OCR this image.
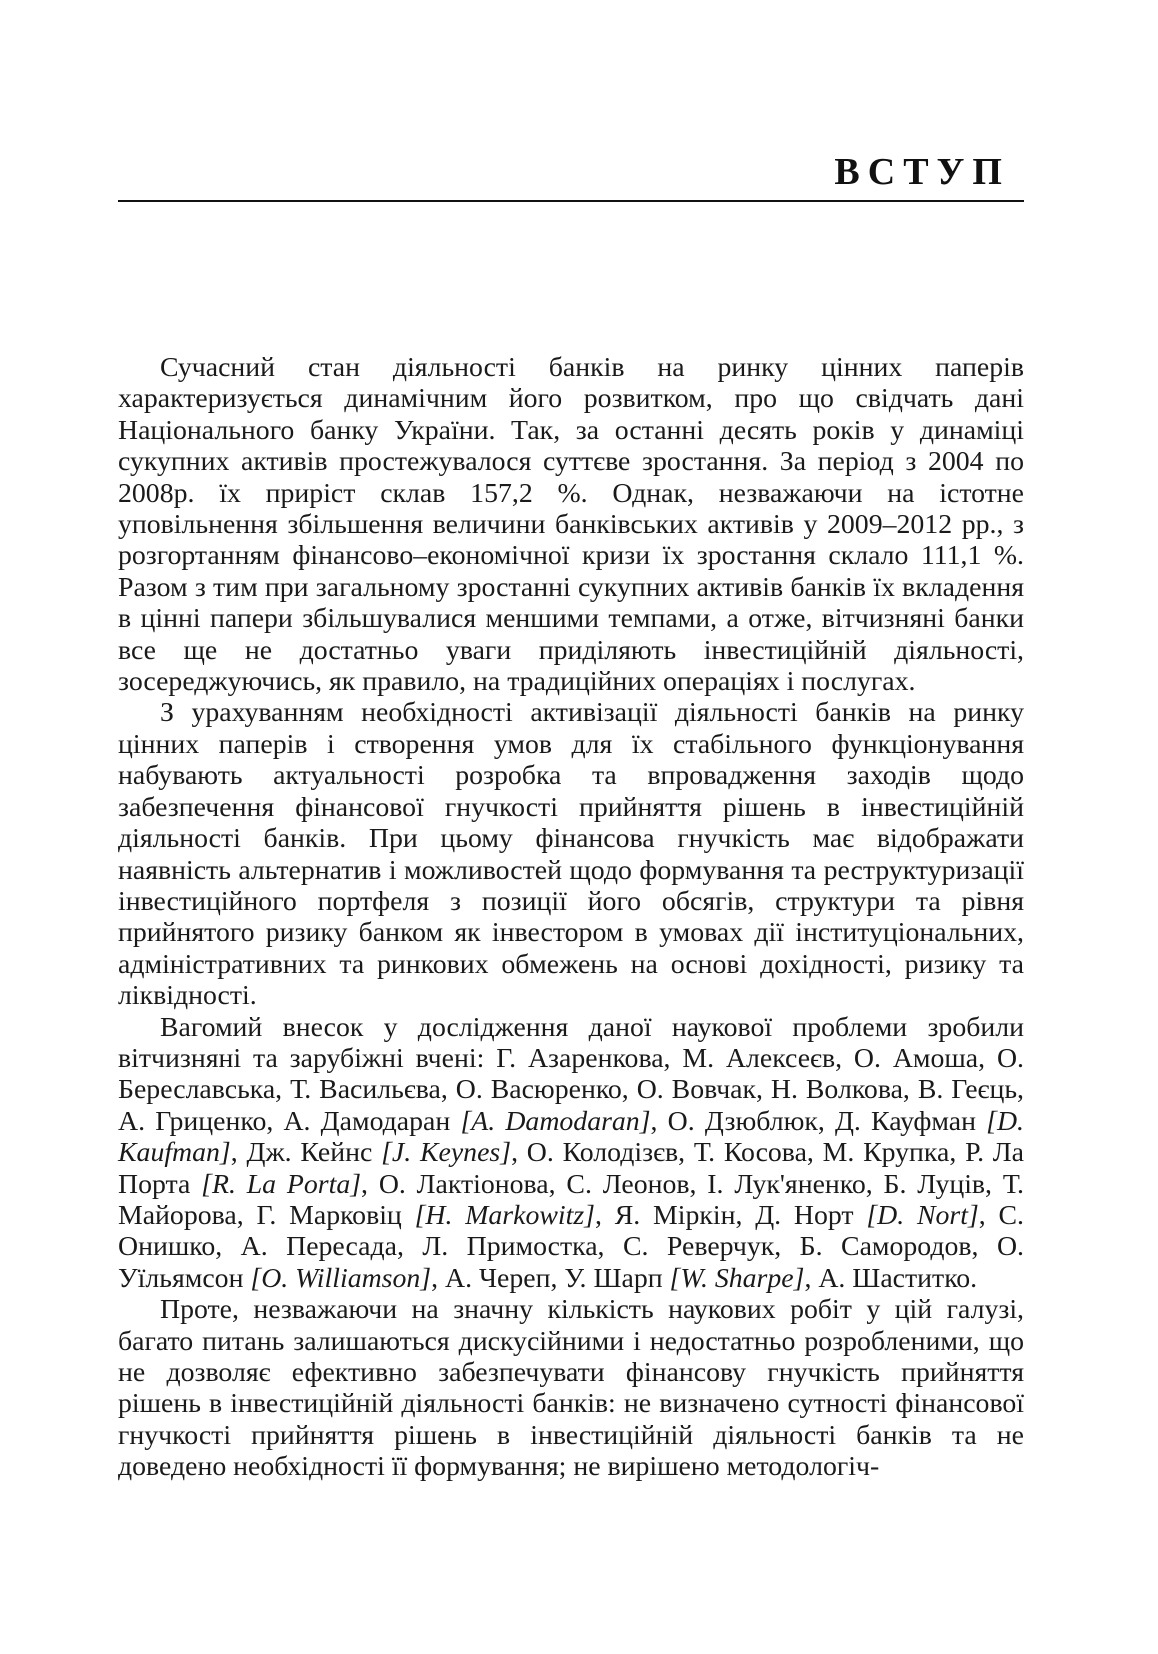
ВСТУП

Сучасний стан діяльності банків на ринку цінних паперів характеризується динамічним його розвитком, про що свідчать дані Національного банку України. Так, за останні десять років у динаміці сукупних активів простежувалося суттєве зростання. За період з 2004 по 2008р. їх приріст склав 157,2 %. Однак, незважаючи на істотне уповільнення збільшення величини банківських активів у 2009–2012 рр., з розгортанням фінансово–економічної кризи їх зростання склало 111,1 %. Разом з тим при загальному зростанні сукупних активів банків їх вкладення в цінні папери збільшувалися меншими темпами, а отже, вітчизняні банки все ще не достатньо уваги приділяють інвестиційній діяльності, зосереджуючись, як правило, на традиційних операціях і послугах.

З урахуванням необхідності активізації діяльності банків на ринку цінних паперів і створення умов для їх стабільного функціонування набувають актуальності розробка та впровадження заходів щодо забезпечення фінансової гнучкості прийняття рішень в інвестиційній діяльності банків. При цьому фінансова гнучкість має відображати наявність альтернатив і можливостей щодо формування та реструктуризації інвестиційного портфеля з позиції його обсягів, структури та рівня прийнятого ризику банком як інвестором в умовах дії інституціональних, адміністративних та ринкових обмежень на основі дохідності, ризику та ліквідності.

Вагомий внесок у дослідження даної наукової проблеми зробили вітчизняні та зарубіжні вчені: Г. Азаренкова, М. Алексеєв, О. Амоша, О. Береславська, Т. Васильєва, О. Васюренко, О. Вовчак, Н. Волкова, В. Геєць, А. Гриценко, А. Дамодаран [A. Damodaran], О. Дзюблюк, Д. Кауфман [D. Kaufman], Дж. Кейнс [J. Keynes], О. Колодізєв, Т. Косова, М. Крупка, Р. Ла Порта [R. La Porta], О. Лактіонова, С. Леонов, І. Лук'яненко, Б. Луців, Т. Майорова, Г. Марковіц [H. Markowitz], Я. Міркін, Д. Норт [D. Nort], С. Онишко, А. Пересада, Л. Примостка, С. Реверчук, Б. Самородов, О. Уїльямсон [O. Williamson], А. Череп, У. Шарп [W. Sharpe], А. Шаститко.

Проте, незважаючи на значну кількість наукових робіт у цій галузі, багато питань залишаються дискусійними і недостатньо розробленими, що не дозволяє ефективно забезпечувати фінансову гнучкість прийняття рішень в інвестиційній діяльності банків: не визначено сутності фінансової гнучкості прийняття рішень в інвестиційній діяльності банків та не доведено необхідності її формування; не вирішено методологіч-
